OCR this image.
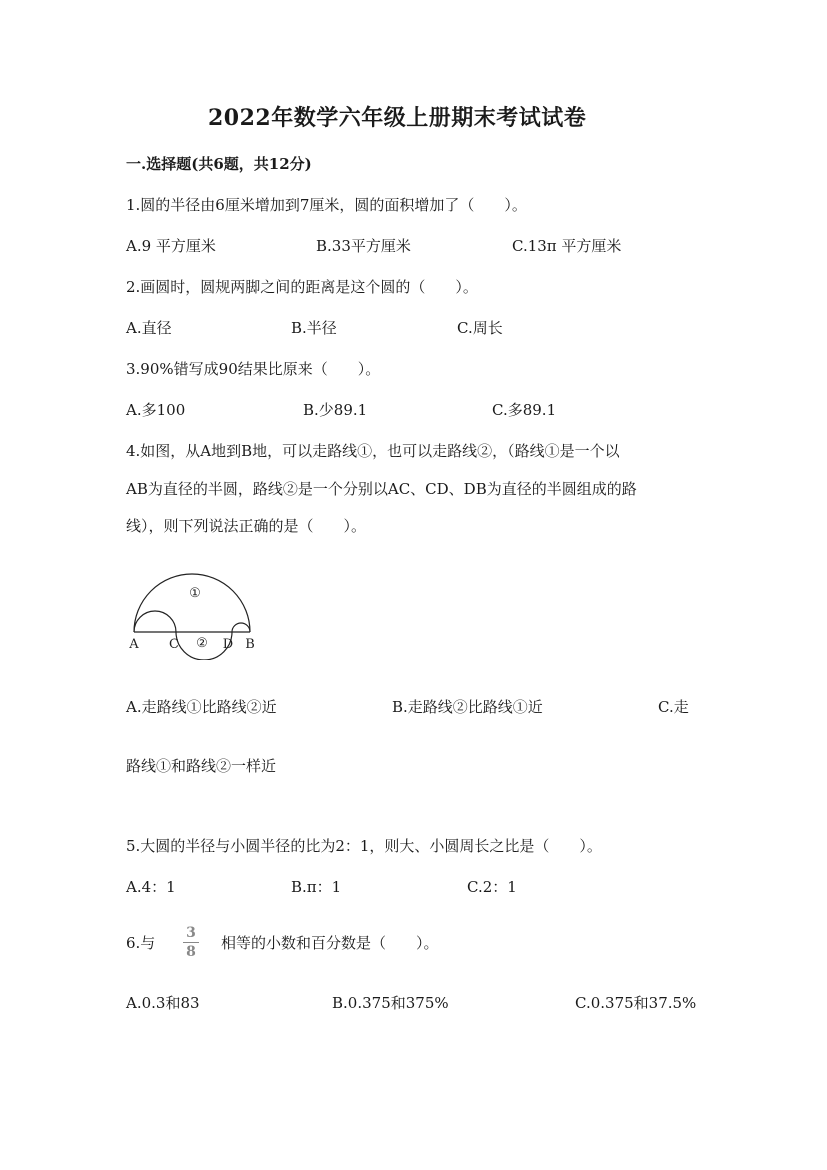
2022年数学六年级上册期末考试试卷
一.选择题(共6题，共12分)
1.圆的半径由6厘米增加到7厘米，圆的面积增加了（　　）。
A.9 平方厘米	B.33平方厘米	C.13π 平方厘米
2.画圆时，圆规两脚之间的距离是这个圆的（　　）。
A.直径	B.半径	C.周长
3.90%错写成90结果比原来（　　）。
A.多100	B.少89.1	C.多89.1
4.如图，从A地到B地，可以走路线①，也可以走路线②，（路线①是一个以
AB为直径的半圆，路线②是一个分别以AC、CD、DB为直径的半圆组成的路
线），则下列说法正确的是（　　）。
①
A C ② D B
A.走路线①比路线②近	B.走路线②比路线①近	C.走
路线①和路线②一样近
5.大圆的半径与小圆半径的比为2：1，则大、小圆周长之比是（　　）。
A.4：1	B.π：1	C.2：1
6.与
3
8 相等的小数和百分数是（　　）。
A.0.3和83	B.0.375和375%	C.0.375和37.5%
